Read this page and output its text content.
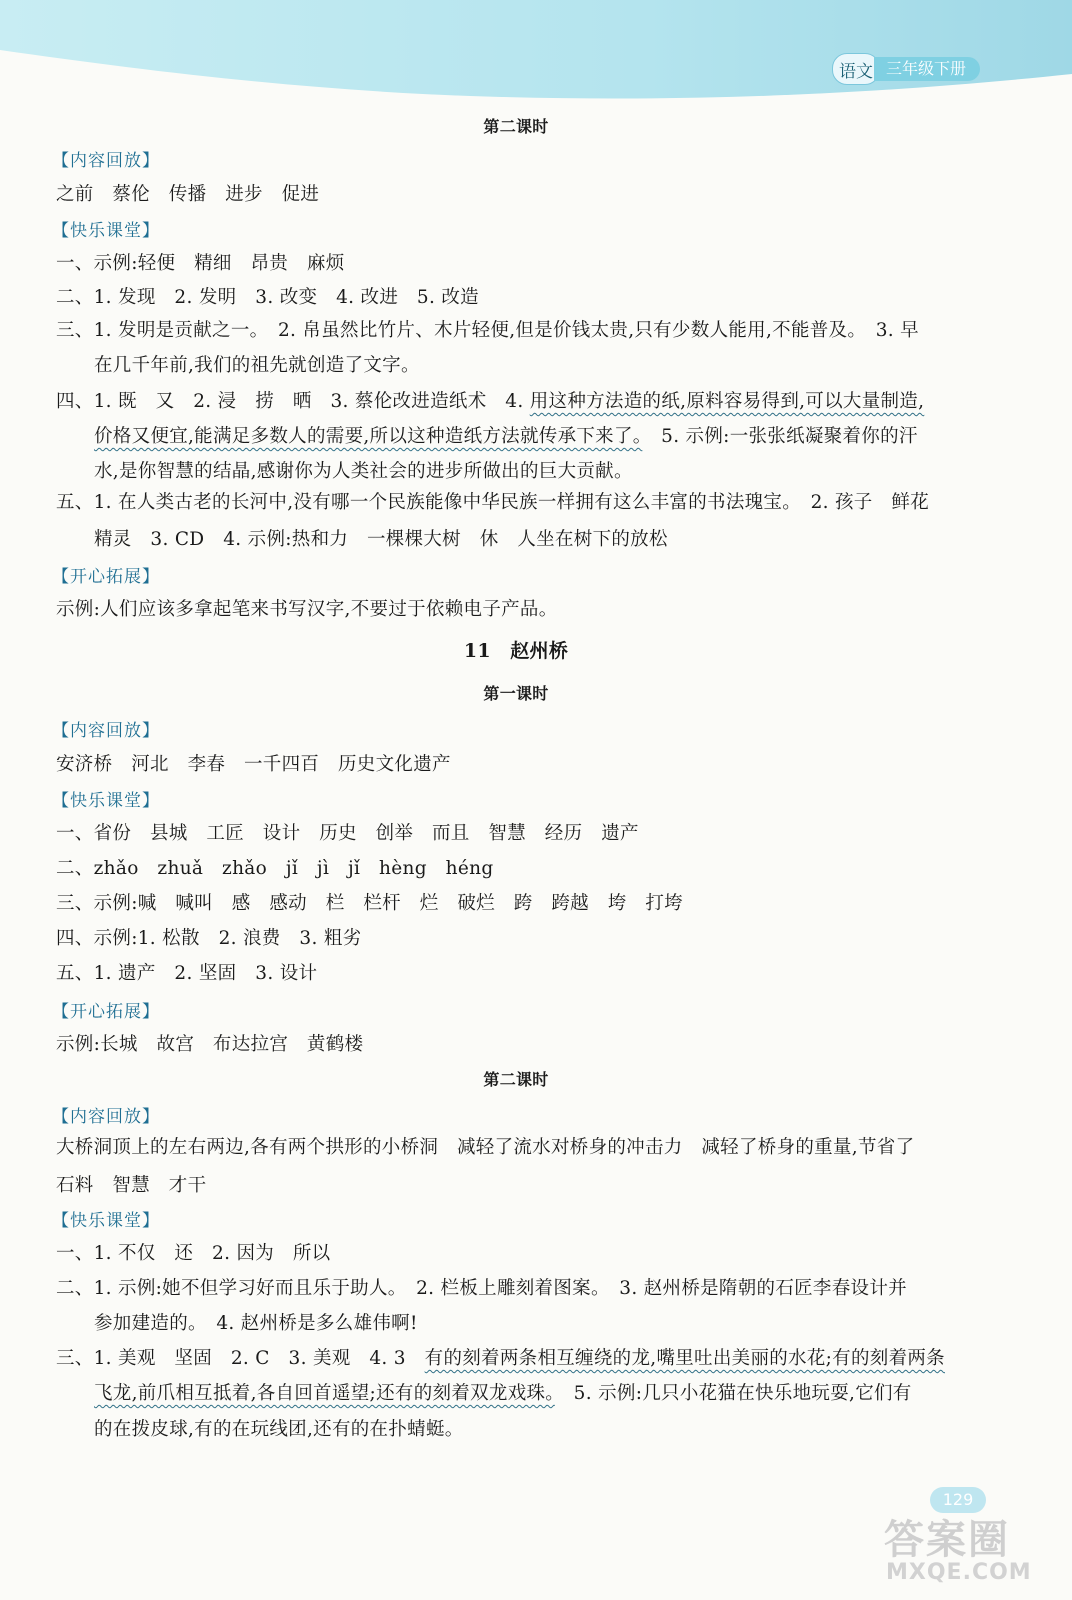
语文 三年级下册
第二课时
【内容回放】
之前　蔡伦　传播　进步　促进
【快乐课堂】
一、示例:轻便　精细　昂贵　麻烦
二、1. 发现　2. 发明　3. 改变　4. 改进　5. 改造
三、1. 发明是贡献之一。　2. 帛虽然比竹片、木片轻便,但是价钱太贵,只有少数人能用,不能普及。　3. 早
在几千年前,我们的祖先就创造了文字。
四、1. 既　又　2. 浸　捞　晒　3. 蔡伦改进造纸术　4. 用这种方法造的纸,原料容易得到,可以大量制造,
价格又便宜,能满足多数人的需要,所以这种造纸方法就传承下来了。　5. 示例:一张张纸凝聚着你的汗
水,是你智慧的结晶,感谢你为人类社会的进步所做出的巨大贡献。
五、1. 在人类古老的长河中,没有哪一个民族能像中华民族一样拥有这么丰富的书法瑰宝。　2. 孩子　鲜花
精灵　3. CD　4. 示例:热和力　一棵棵大树　休　人坐在树下的放松
【开心拓展】
示例:人们应该多拿起笔来书写汉字,不要过于依赖电子产品。
11　赵州桥
第一课时
【内容回放】
安济桥　河北　李春　一千四百　历史文化遗产
【快乐课堂】
一、省份　县城　工匠　设计　历史　创举　而且　智慧　经历　遗产
二、zhǎo　zhuǎ　zhǎo　jǐ　jì　jǐ　hèng　héng
三、示例:喊　喊叫　感　感动　栏　栏杆　烂　破烂　跨　跨越　垮　打垮
四、示例:1. 松散　2. 浪费　3. 粗劣
五、1. 遗产　2. 坚固　3. 设计
【开心拓展】
示例:长城　故宫　布达拉宫　黄鹤楼
第二课时
【内容回放】
大桥洞顶上的左右两边,各有两个拱形的小桥洞　减轻了流水对桥身的冲击力　减轻了桥身的重量,节省了
石料　智慧　才干
【快乐课堂】
一、1. 不仅　还　2. 因为　所以
二、1. 示例:她不但学习好而且乐于助人。　2. 栏板上雕刻着图案。　3. 赵州桥是隋朝的石匠李春设计并
参加建造的。　4. 赵州桥是多么雄伟啊!
三、1. 美观　坚固　2. C　3. 美观　4. 3　有的刻着两条相互缠绕的龙,嘴里吐出美丽的水花;有的刻着两条
飞龙,前爪相互抵着,各自回首遥望;还有的刻着双龙戏珠。　5. 示例:几只小花猫在快乐地玩耍,它们有
的在拨皮球,有的在玩线团,还有的在扑蜻蜓。
129
答案圈
MXQE.COM
